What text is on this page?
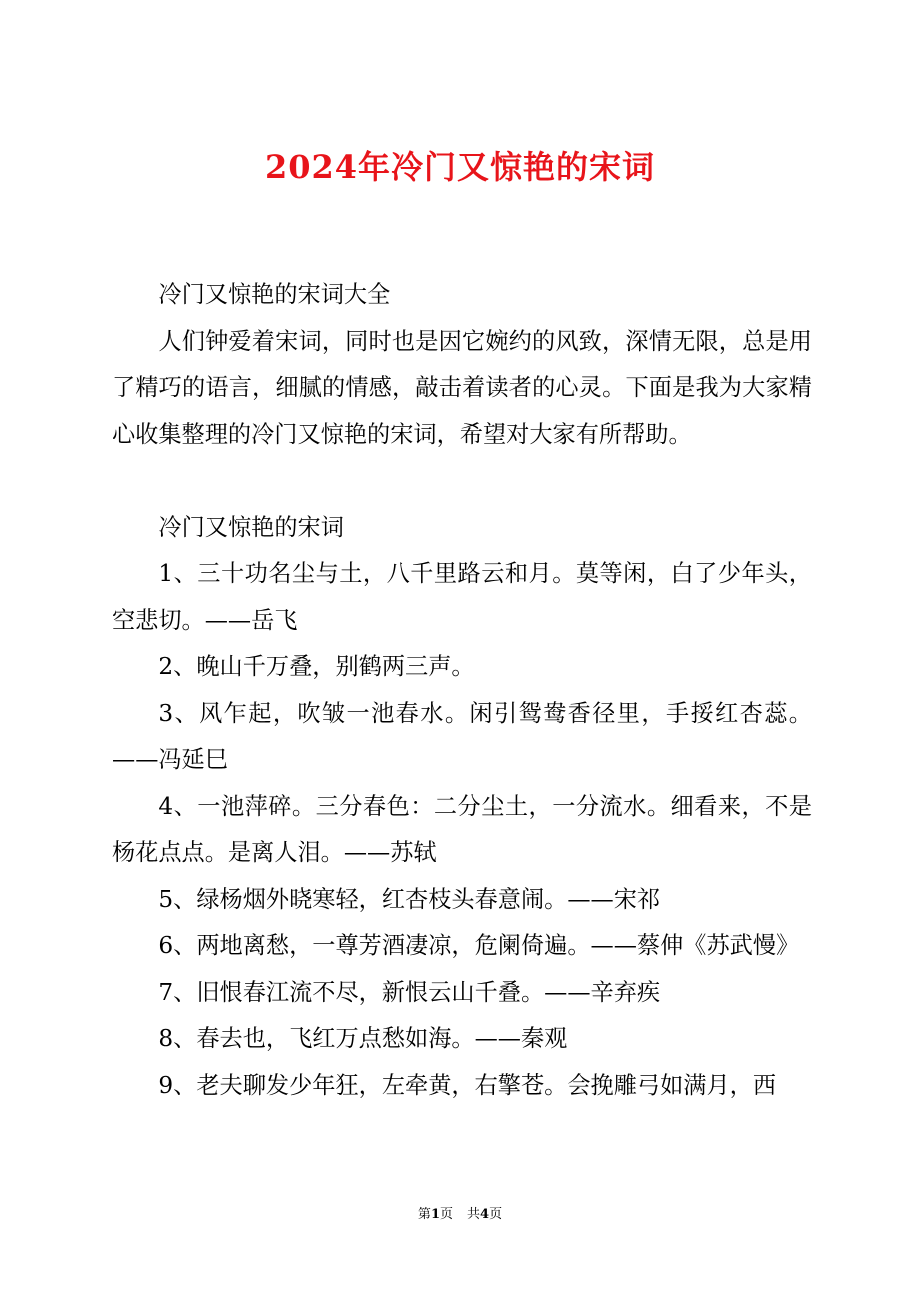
2024年冷门又惊艳的宋词

冷门又惊艳的宋词大全

人们钟爱着宋词，同时也是因它婉约的风致，深情无限，总是用了精巧的语言，细腻的情感，敲击着读者的心灵。下面是我为大家精心收集整理的冷门又惊艳的宋词，希望对大家有所帮助。

冷门又惊艳的宋词

1、三十功名尘与土，八千里路云和月。莫等闲，白了少年头，空悲切。——岳飞

2、晚山千万叠，别鹤两三声。

3、风乍起，吹皱一池春水。闲引鸳鸯香径里，手挼红杏蕊。——冯延巳

4、一池萍碎。三分春色：二分尘土，一分流水。细看来，不是杨花点点。是离人泪。——苏轼

5、绿杨烟外晓寒轻，红杏枝头春意闹。——宋祁

6、两地离愁，一尊芳酒凄凉，危阑倚遍。——蔡伸《苏武慢》

7、旧恨春江流不尽，新恨云山千叠。——辛弃疾

8、春去也，飞红万点愁如海。——秦观

9、老夫聊发少年狂，左牵黄，右擎苍。会挽雕弓如满月，西

第1页 共4页
